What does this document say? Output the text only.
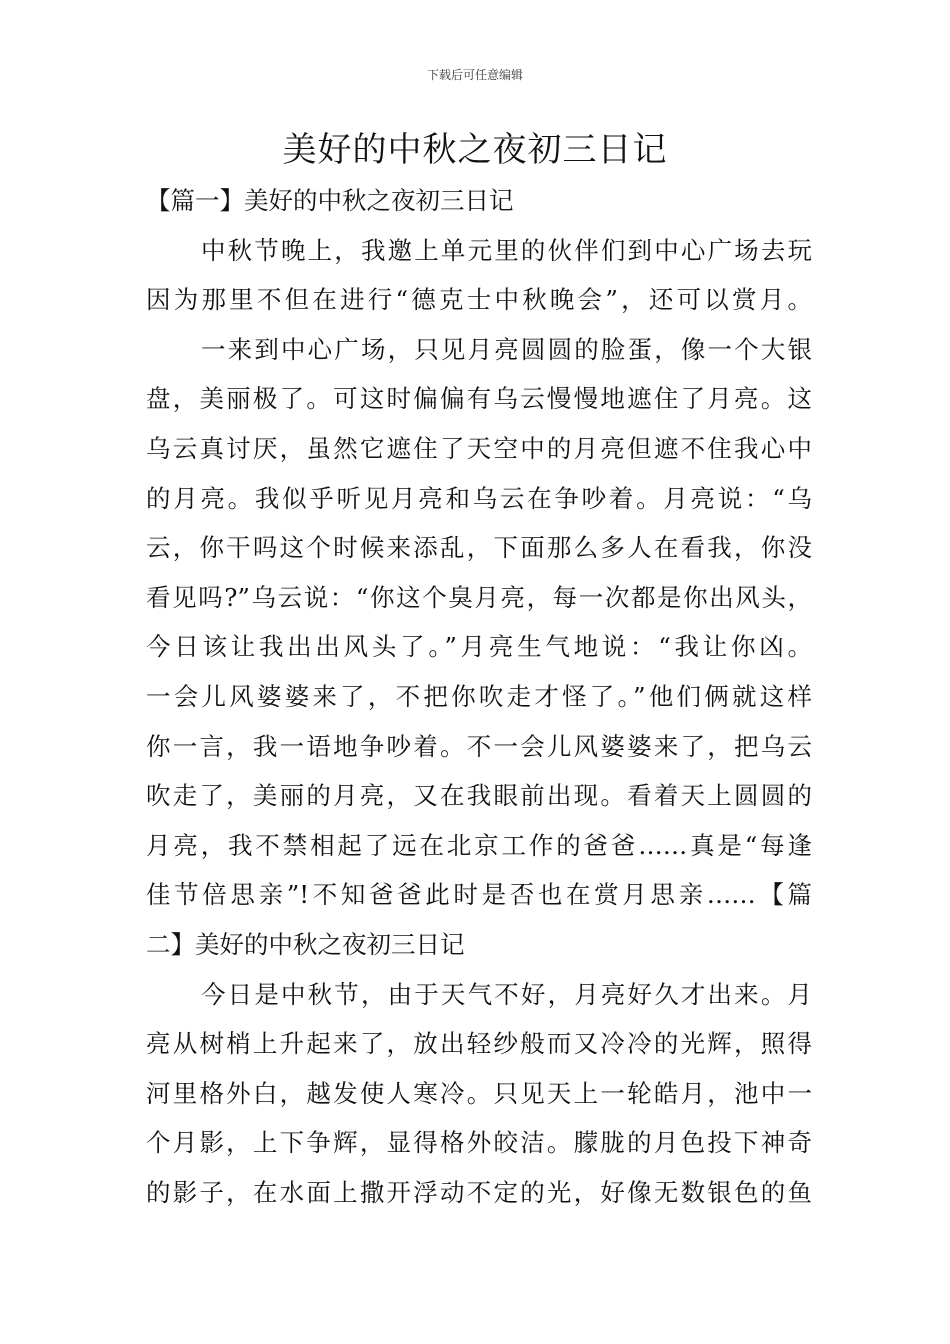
下载后可任意编辑
美好的中秋之夜初三日记
【篇一】美好的中秋之夜初三日记
中秋节晚上，我邀上单元里的伙伴们到中心广场去玩
因为那里不但在进行“德克士中秋晚会”，还可以赏月。
一来到中心广场，只见月亮圆圆的脸蛋，像一个大银
盘，美丽极了。可这时偏偏有乌云慢慢地遮住了月亮。这
乌云真讨厌，虽然它遮住了天空中的月亮但遮不住我心中
的月亮。我似乎听见月亮和乌云在争吵着。月亮说：“乌
云，你干吗这个时候来添乱，下面那么多人在看我，你没
看见吗?”乌云说：“你这个臭月亮，每一次都是你出风头，
今日该让我出出风头了。”月亮生气地说：“我让你凶。
一会儿风婆婆来了，不把你吹走才怪了。”他们俩就这样
你一言，我一语地争吵着。不一会儿风婆婆来了，把乌云
吹走了，美丽的月亮，又在我眼前出现。看着天上圆圆的
月亮，我不禁相起了远在北京工作的爸爸……真是“每逢
佳节倍思亲”!不知爸爸此时是否也在赏月思亲……【篇
二】美好的中秋之夜初三日记
今日是中秋节，由于天气不好，月亮好久才出来。月
亮从树梢上升起来了，放出轻纱般而又冷冷的光辉，照得
河里格外白，越发使人寒冷。只见天上一轮皓月，池中一
个月影，上下争辉，显得格外皎洁。朦胧的月色投下神奇
的影子，在水面上撒开浮动不定的光，好像无数银色的鱼
